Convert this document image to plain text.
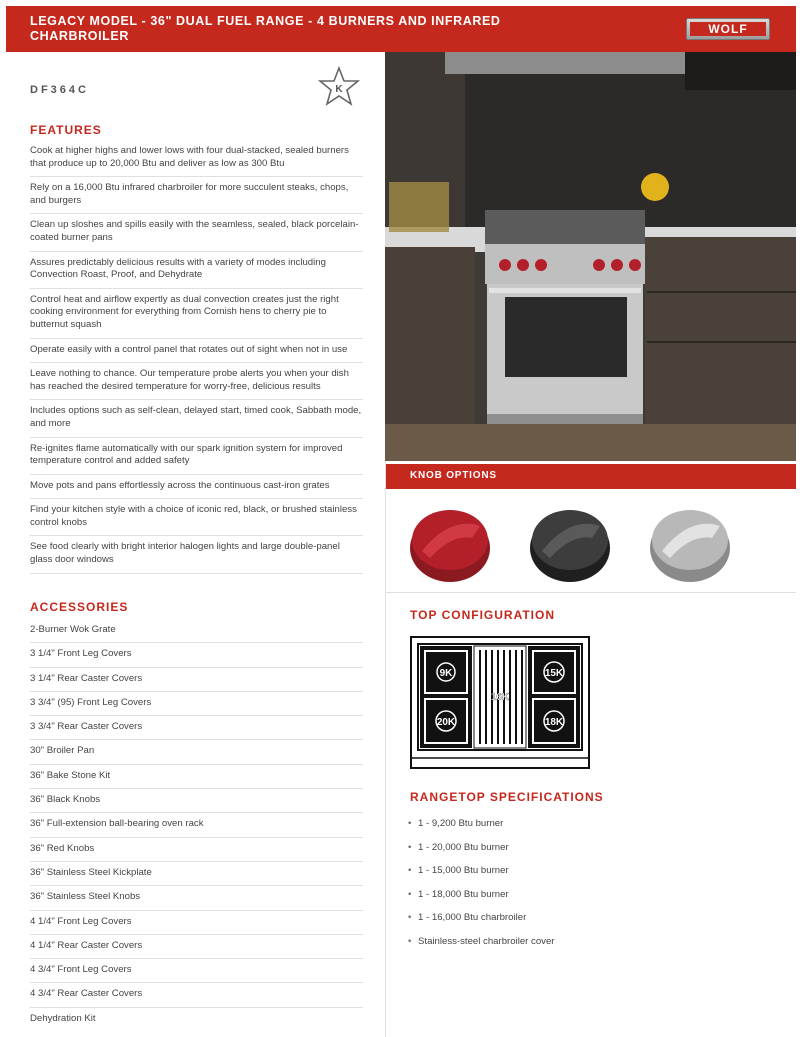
LEGACY MODEL - 36" DUAL FUEL RANGE - 4 BURNERS AND INFRARED CHARBROILER	WOLF
DF364C	K
FEATURES
Cook at higher highs and lower lows with four dual-stacked, sealed burners that produce up to 20,000 Btu and deliver as low as 300 Btu
Rely on a 16,000 Btu infrared charbroiler for more succulent steaks, chops, and burgers
Clean up sloshes and spills easily with the seamless, sealed, black porcelain-coated burner pans
Assures predictably delicious results with a variety of modes including Convection Roast, Proof, and Dehydrate
Control heat and airflow expertly as dual convection creates just the right cooking environment for everything from Cornish hens to cherry pie to butternut squash
Operate easily with a control panel that rotates out of sight when not in use
Leave nothing to chance. Our temperature probe alerts you when your dish has reached the desired temperature for worry-free, delicious results
Includes options such as self-clean, delayed start, timed cook, Sabbath mode, and more
Re-ignites flame automatically with our spark ignition system for improved temperature control and added safety
Move pots and pans effortlessly across the continuous cast-iron grates
Find your kitchen style with a choice of iconic red, black, or brushed stainless control knobs
See food clearly with bright interior halogen lights and large double-panel glass door windows
ACCESSORIES
2-Burner Wok Grate
3 1/4" Front Leg Covers
3 1/4" Rear Caster Covers
3 3/4" (95) Front Leg Covers
3 3/4" Rear Caster Covers
30" Broiler Pan
36" Bake Stone Kit
36" Black Knobs
36" Full-extension ball-bearing oven rack
36" Red Knobs
36" Stainless Steel Kickplate
36" Stainless Steel Knobs
4 1/4" Front Leg Covers
4 1/4" Rear Caster Covers
4 3/4" Front Leg Covers
4 3/4" Rear Caster Covers
Dehydration Kit
KNOB OPTIONS
TOP CONFIGURATION
9K
20K
15K
18K
16K
RANGETOP SPECIFICATIONS
• 1 - 9,200 Btu burner
• 1 - 20,000 Btu burner
• 1 - 15,000 Btu burner
• 1 - 18,000 Btu burner
• 1 - 16,000 Btu charbroiler
• Stainless-steel charbroiler cover
